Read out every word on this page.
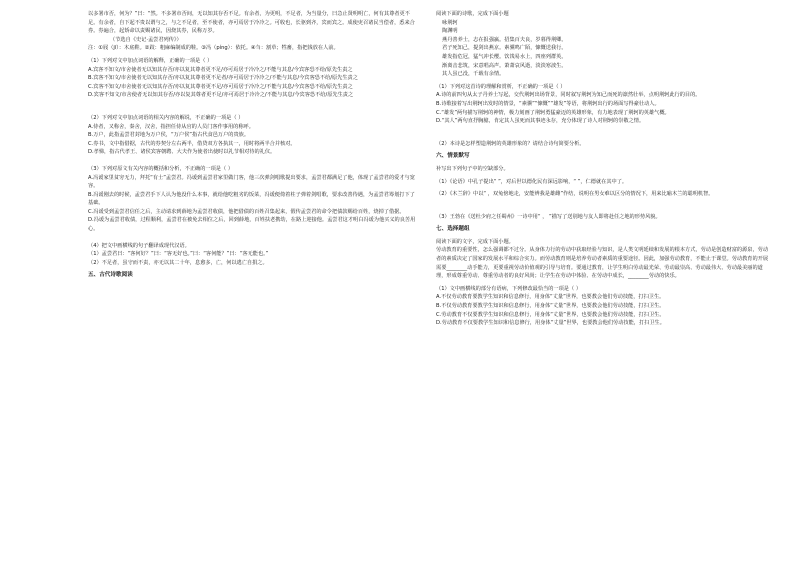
以多署市否，何为？”曰：“然。不多署市否间，无以知其存否不足。有余者，为更明，不足者，为当量分，曰急止贤明明亡，何有其尊者更不足。有余者，自下起不贵以谓与之，与之不足者，至不使者，亦可焉居于冷冷之。可收也，长驱到齐，宾而宾之。成使吏召诸民当偿者，悉来合券。券遍合，起矫命以责赐诸民，因烧其券，民称万岁。

（节选自《史记·孟尝君列传》）

注：①屐（jī）：木底鞋。②跂：粗麻编制成的鞋。③冯（píng）：依托。④刍：割草；牲畜，指把钱放在人前。

（1）下列对文中加点词语的解释，正确的一项是（ ）

A.宾客不知文/市舍使者无以知其存否/亦以复其尊者更不足/亦可焉居于冷冷之/不能与其息/今宾客恐不给/原先生责之

B.宾客不知文/市舍使者无以知其存否/亦以复其尊者更不足者/亦可焉居于冷冷之/不能与其息/今宾客恐不给/原先生责之

C.宾客不知文/市舍使者无以知其存否/亦以复其尊者更不足/亦可焉居于冷冷之/不能与其息/今宾客恐不给/原先生责之

D.宾客不知文/市舍使者无以知其存否/亦以复其尊者更不足/亦可焉居于冷冷之/不能与其息/今宾客恐不给/原先生责之

（2）下列对文中加点词语的相关内容的解说，不正确的一项是（ ）

A.侍者，又称舍，秦舍，汉舍，指担任侍从官的人员门客作事用的称呼。

B.万户，此指孟尝君封地为万户侯，“万户侯”指古代食邑万户的贵族。

C.券书，文中指借据，古代的券契分左右两半，借贷双方各执其一，用时将两半合并核对。

D.孝悌，指古代孝王、诸侯宾客朝聘、大夫作为使者出使时以礼节相对待的礼仪。

（3）下列对原文有关内容的概括和分析，不正确的一项是（ ）

A.冯谖家里贫穷无力，拜托“有士”孟尝君。冯谖到孟尝君家里做门客，他三次弹剑唱歌提出要求，孟尝君都满足了他，体现了孟尝君的爱才与宽容。

B.冯谖刚去的时候，孟尝君手下人认为他没什么本事，就给他吃粗劣的饭菜，冯谖便倚着柱子弹着剑唱歌，要求改善待遇，为孟尝君筹划打下了基础。

C.冯谖受到孟尝君信任之后，主动请求到薛地为孟尝君收债，他把借债的百姓召集起来，假传孟尝君的命令把债款赐给百姓，烧掉了借据。

D.冯谖为孟尝君收债，过程顺利，孟尝君在被免去相位之后，回到薛地，百姓扶老携幼，在路上迎接他。孟尝君这才明白冯谖为他买义的良苦用心。

（4）把文中画横线的句子翻译成现代汉语。

（1）孟尝君曰：“客何好？”曰：“客无好也。”曰：“客何能？”曰：“客无能也。”

（2）不足者，虽守而不责，亦无以其二十年，息愈多，亡，何以逃亡自捐之。

五、古代诗歌阅读

阅读下面的诗歌，完成下面小题

咏荆轲

陶渊明

燕丹善养士，志在报强嬴。招集百夫良，岁暮得荆卿。

君子死知己，提剑出燕京。素骥鸣广陌，慷慨送我行。

雄发指危冠，猛气冲长缨。饮饯易水上，四座列群英。

渐离击悲筑，宋意唱高声。萧萧哀风逝，淡淡寒波生。

其人虽已没，千载有余情。

（1）下列对这首诗的理解和赏析，不正确的一项是（ ）

A.诗的前四句从太子丹养士写起，交代荆轲出场背景，同时叙写荆轲为知己而死的凛然壮举，点明荆轲此行的目的。

B.诗歌接着写出荆轲出发时的情景，“素骥”“慷慨”“雄发”等语，将荆轲出行的场面写得豪壮动人。

C.“雄发”两句描写荆轲的神情，极力刻画了荆轲勇猛豪迈的英雄形象，有力地表现了荆轲的英雄气概。

D.“其人”两句直抒胸臆，肯定其人虽死而其事迹永存，充分体现了诗人对荆轲的崇敬之情。

（2）本诗是怎样塑造荆轲的英雄形象的？请结合诗句简要分析。

六、情景默写

补写出下列句子中的空缺部分。

（1）《论语》中孔子提出“ ”，对后世以德化民有深远影响，“ ”，仁德就在其中了。

（2）《木兰辞》中以“ ，双兔傍地走，安能辨我是雄雌”作结，说明在男女难以区分的情况下，用来比喻木兰的聪明机智。

（3）王勃在《送杜少府之任蜀州》一诗中用“ ， ”描写了送别地与友人即将赴任之地的形势风貌。

七、选择题组

阅读下面的文字，完成下面小题。

劳动教育的重要性，怎么强调都不过分。从身体力行的劳动中获取经验与知识，是人类文明延续和发展的根本方式，劳动是创造财富的源泉，劳动者的素质决定了国家的发展水平和综合实力。而劳动教育则是培养劳动者素质的重要途径。因此，加强劳动教育，不能止于课堂。劳动教育的开展需要________动手能力，更要重视劳动价值观的引导与培育。要通过教育，让学生明白劳动最光荣、劳动最崇高、劳动最伟大、劳动最美丽的道理，形成尊重劳动、尊重劳动者的良好风尚；让学生在劳动中体验、在劳动中成长，________劳动的快乐。

（1）文中画横线的部分有语病，下列修改最恰当的一项是（ ）

A.不仅劳动教育要教学生知识和信息修行，用身体“丈量”世界，也要教会他们劳动技能，打扫卫生。

B.不仅劳动教育要教学生知识和信息修行，用身体“丈量”世界，也要教会他们劳动技能，打扫卫生。

C.劳动教育不仅要教学生知识和信息修行，用身体“丈量”世界，也要教会他们劳动技能，打扫卫生。

D.劳动教育不仅要教学生知识和信息修行，用身体“丈量”世界，也要教会他们劳动技能，打扫卫生。
